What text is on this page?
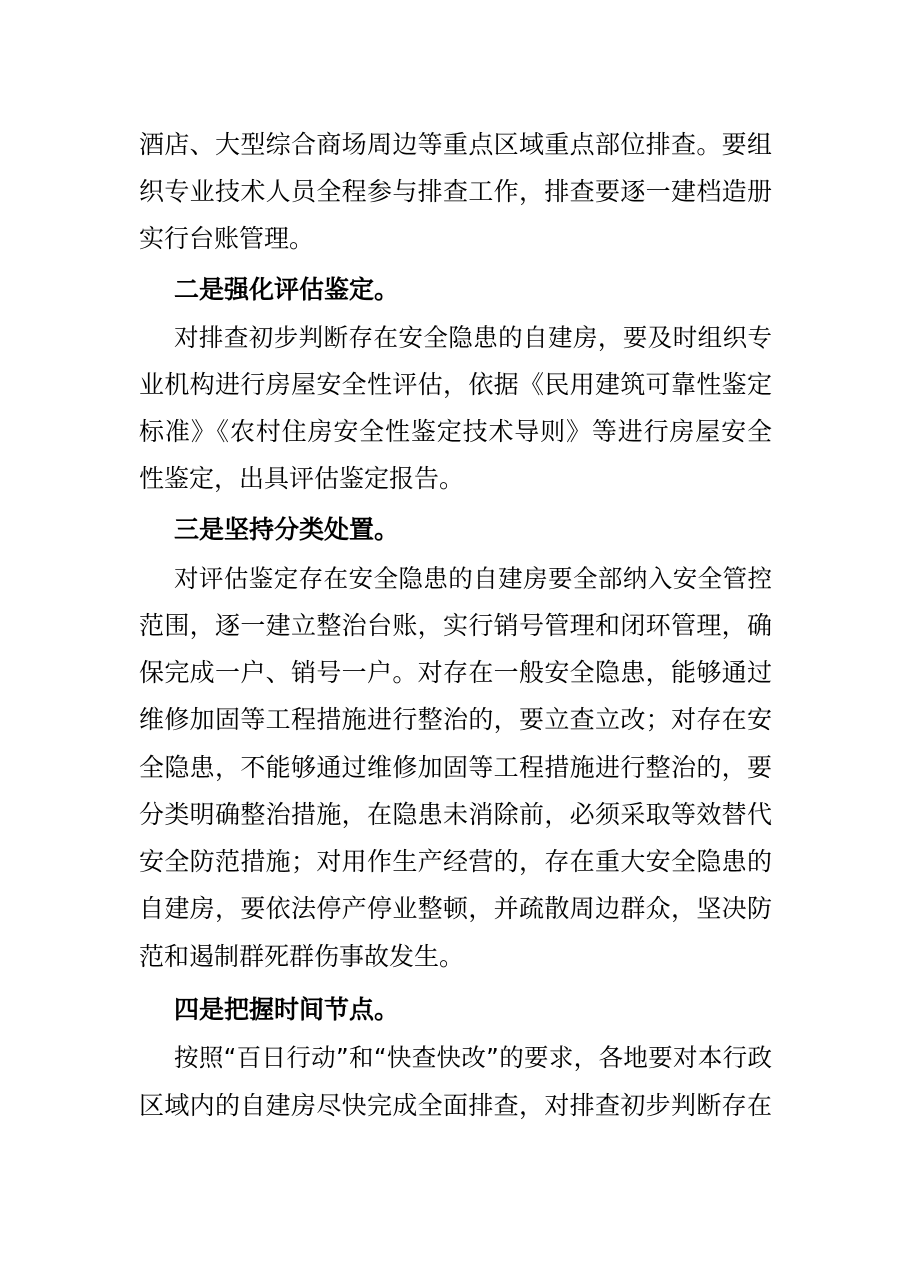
酒店、大型综合商场周边等重点区域重点部位排查。要组
织专业技术人员全程参与排查工作，排查要逐一建档造册
实行台账管理。
二是强化评估鉴定。
对排查初步判断存在安全隐患的自建房，要及时组织专
业机构进行房屋安全性评估，依据《民用建筑可靠性鉴定
标准》《农村住房安全性鉴定技术导则》等进行房屋安全
性鉴定，出具评估鉴定报告。
三是坚持分类处置。
对评估鉴定存在安全隐患的自建房要全部纳入安全管控
范围，逐一建立整治台账，实行销号管理和闭环管理，确
保完成一户、销号一户。对存在一般安全隐患，能够通过
维修加固等工程措施进行整治的，要立查立改；对存在安
全隐患，不能够通过维修加固等工程措施进行整治的，要
分类明确整治措施，在隐患未消除前，必须采取等效替代
安全防范措施；对用作生产经营的，存在重大安全隐患的
自建房，要依法停产停业整顿，并疏散周边群众，坚决防
范和遏制群死群伤事故发生。
四是把握时间节点。
按照“百日行动”和“快查快改”的要求，各地要对本行政
区域内的自建房尽快完成全面排查，对排查初步判断存在
